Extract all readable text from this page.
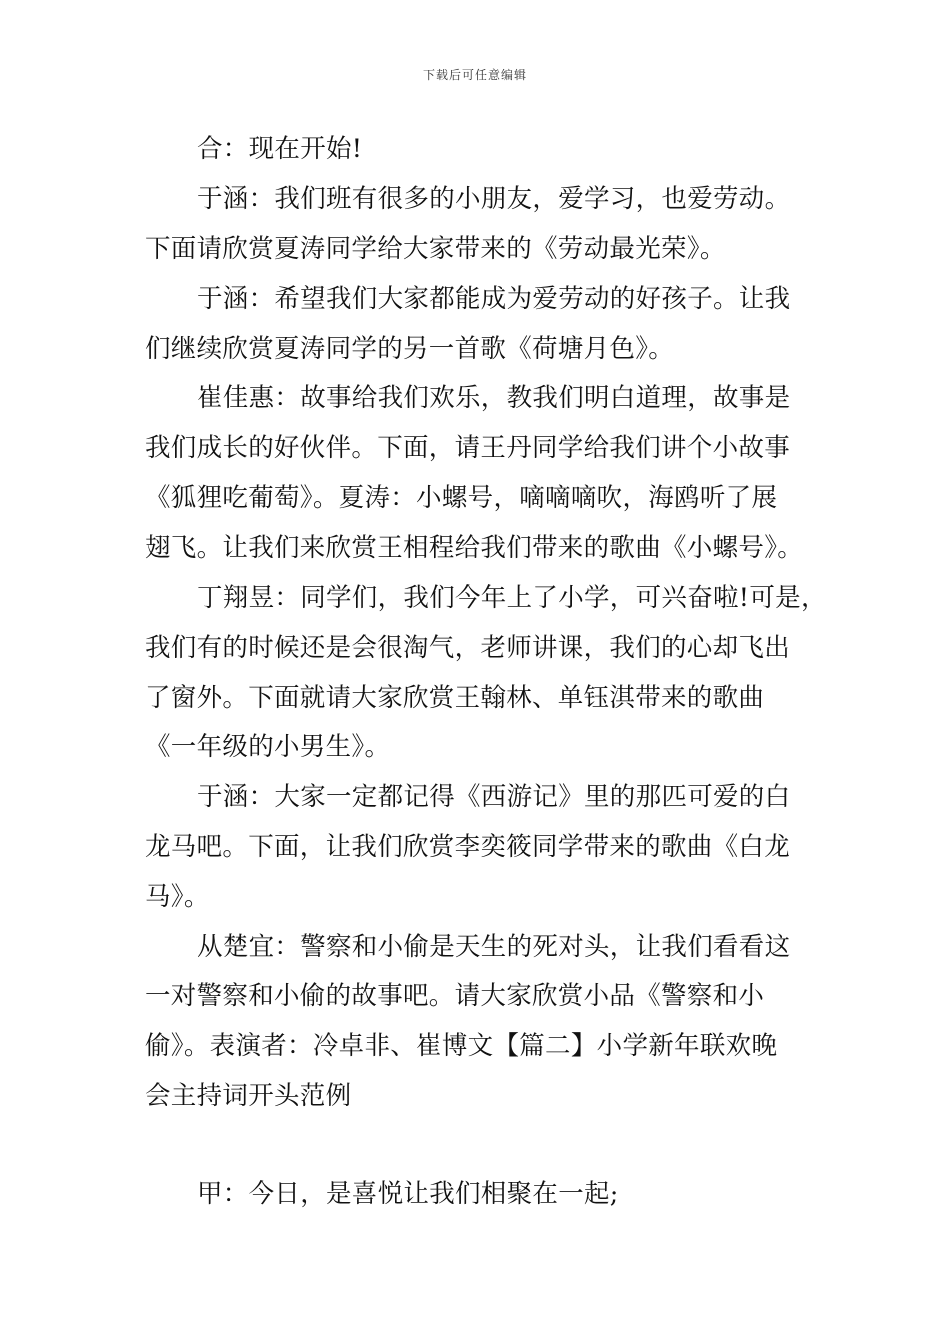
下载后可任意编辑
合：现在开始!
于涵：我们班有很多的小朋友，爱学习，也爱劳动。
下面请欣赏夏涛同学给大家带来的《劳动最光荣》。
于涵：希望我们大家都能成为爱劳动的好孩子。让我
们继续欣赏夏涛同学的另一首歌《荷塘月色》。
崔佳惠：故事给我们欢乐，教我们明白道理，故事是
我们成长的好伙伴。下面，请王丹同学给我们讲个小故事
《狐狸吃葡萄》。夏涛：小螺号，嘀嘀嘀吹，海鸥听了展
翅飞。让我们来欣赏王相程给我们带来的歌曲《小螺号》。
丁翔昱：同学们，我们今年上了小学，可兴奋啦!可是，
我们有的时候还是会很淘气，老师讲课，我们的心却飞出
了窗外。下面就请大家欣赏王翰林、单钰淇带来的歌曲
《一年级的小男生》。
于涵：大家一定都记得《西游记》里的那匹可爱的白
龙马吧。下面，让我们欣赏李奕筱同学带来的歌曲《白龙
马》。
从楚宜：警察和小偷是天生的死对头，让我们看看这
一对警察和小偷的故事吧。请大家欣赏小品《警察和小
偷》。表演者：冷卓非、崔博文【篇二】小学新年联欢晚
会主持词开头范例
甲：今日，是喜悦让我们相聚在一起;
